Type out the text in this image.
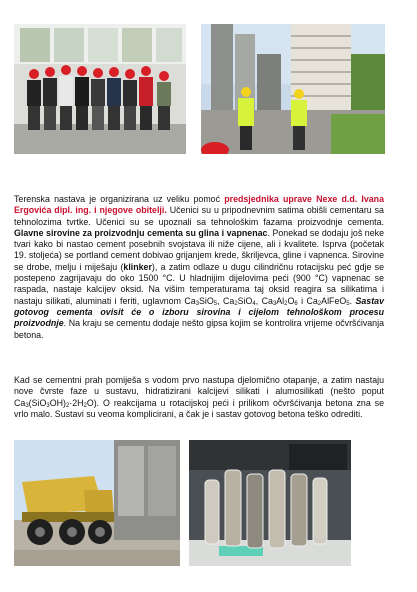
Terenska nastava je organizirana uz veliku pomoć predsjednika uprave Nexe d.d. Ivana Ergovića dipl. ing. i njegove obitelji. Učenici su u pripodnevnim satima obišli cementaru sa tehnolozima tvrtke. Učenici su se upoznali sa tehnološkim fazama proizvodnje cementa. Glavne sirovine za proizvodnju cementa su glina i vapnenac. Ponekad se dodaju još neke tvari kako bi nastao cement posebnih svojstava ili niže cijene, ali i kvalitete. Isprva (početak 19. stoljeća) se portland cement dobivao grijanjem krede, škriljevca, gline i vapnenca. Sirovine se drobe, melju i miješaju (klinker), a zatim odlaze u dugu cilindričnu rotacijsku peć gdje se postepeno zagrijavaju do oko 1500 °C. U hladnijim dijelovima peći (900 °C) vapnenac se raspada, nastaje kalcijev oksid. Na višim temperaturama taj oksid reagira sa silikatima i nastaju silikati, aluminati i feriti, uglavnom $Ca_3SiO_5$, $Ca_2SiO_4$, $Ca_3Al_2O_6$ i $Ca_2AlFeO_5$. Sastav gotovog cementa ovisit će o izboru sirovina i cijelom tehnološkom procesu proizvodnje. Na kraju se cementu dodaje nešto gipsa kojim se kontrolira vrijeme očvršćivanja betona.

Kad se cementni prah pomiješa s vodom prvo nastupa djelomično otapanje, a zatim nastaju nove čvrste faze u sustavu, hidratizirani kalcijevi silikati i alumosilikati (nešto poput $Ca_3(SiO_3OH)_2\cdot 2H_2O$). O reakcijama u rotacijskoj peći i prilikom očvršćivanja betona zna se vrlo malo. Sustavi su veoma komplicirani, a čak je i sastav gotovog betona teško odrediti.
